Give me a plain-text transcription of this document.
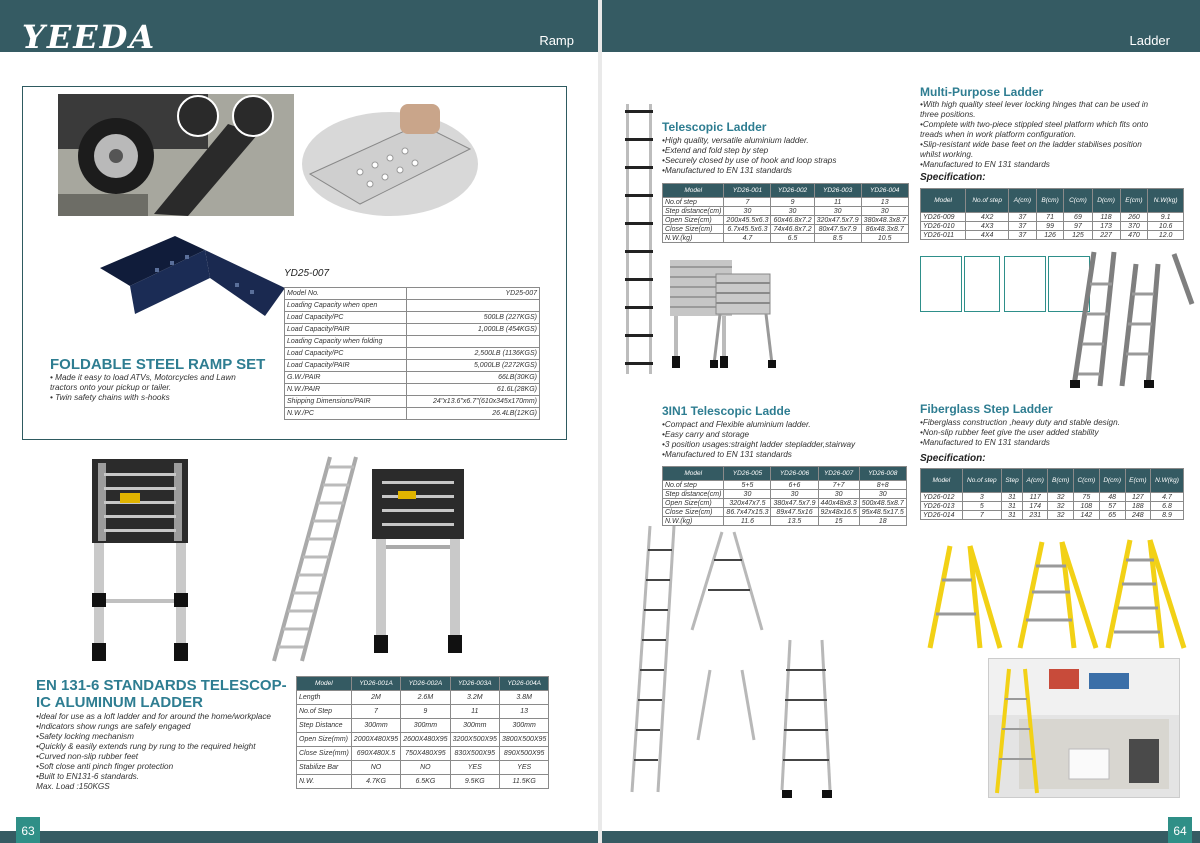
YEEDA	Ramp
YD25-007
Model No.	YD25-007
Loading Capacity when open	
Load Capacity/PC	500LB (227KGS)
Load Capacity/PAIR	1,000LB (454KGS)
Loading Capacity when folding	
Load Capacity/PC	2,500LB (1136KGS)
Load Capacity/PAIR	5,000LB (2272KGS)
G.W./PAIR	66LB(30KG)
N.W./PAIR	61.6L(28KG)
Shipping Dimensions/PAIR	24"x13.6"x6.7"(610x345x170mm)
N.W./PC	26.4LB(12KG)
FOLDABLE STEEL RAMP SET
• Made it easy to load ATVs, Motorcycles and Lawn
tractors onto your pickup or tailer.
• Twin safety chains with s-hooks
EN 131-6 STANDARDS TELESCOP-
IC ALUMINUM LADDER
•Ideal for use as a loft ladder and for around the home/workplace
•Indicators show rungs are safely engaged
•Safety locking mechanism
•Quickly & easily extends rung by rung to the required height
•Curved non-slip rubber feet
•Soft close anti pinch finger protection
•Built to EN131-6 standards.
Max. Load :150KGS
Model	YD26-001A	YD26-002A	YD26-003A	YD26-004A
Length	2M	2.6M	3.2M	3.8M
No.of Step	7	9	11	13
Step Distance	300mm	300mm	300mm	300mm
Open Size(mm)	2000X480X95	2600X480X95	3200X500X95	3800X500X95
Close Size(mm)	690X480X.5	750X480X95	830X500X95	890X500X95
Stabilize Bar	NO	NO	YES	YES
N.W.	4.7KG	6.5KG	9.5KG	11.5KG
63
Ladder
Telescopic Ladder
•High quality, versatile aluminium ladder.
•Extend and fold step by step
•Securely closed by use of hook and loop straps
•Manufactured to EN 131 standards
Model	YD26-001	YD26-002	YD26-003	YD26-004
No.of step	7	9	11	13
Step distance(cm)	30	30	30	30
Open Size(cm)	200x45.5x6.3	60x46.8x7.2	320x47.5x7.9	380x48.3x8.7
Close Size(cm)	6.7x45.5x6.3	74x46.8x7.2	80x47.5x7.9	86x48.3x8.7
N.W.(kg)	4.7	6.5	8.5	10.5
3IN1 Telescopic Ladde
•Compact and Flexible aluminium ladder.
•Easy carry and storage
•3 position usages:straight ladder stepladder,stairway
•Manufactured to EN 131 standards
Model	YD26-005	YD26-006	YD26-007	YD26-008
No.of step	5+5	6+6	7+7	8+8
Step distance(cm)	30	30	30	30
Open Size(cm)	320x47x7.5	380x47.5x7.9	440x48x8.3	500x48.5x8.7
Close Size(cm)	86.7x47x15.3	89x47.5x16	92x48x16.5	95x48.5x17.5
N.W.(kg)	11.6	13.5	15	18
Multi-Purpose Ladder
•With high quality steel lever locking hinges that can be used in
three positions.
•Complete with two-piece stippled steel platform which fits onto
treads when in work platform configuration.
•Slip-resistant wide base feet on the ladder stabilises position
whilst working.
•Manufactured to EN 131 standards
Specification:
Model	No.of step	A(cm)	B(cm)	C(cm)	D(cm)	E(cm)	N.W(kg)
YD26-009	4X2	37	71	69	118	260	9.1
YD26-010	4X3	37	99	97	173	370	10.6
YD26-011	4X4	37	126	125	227	470	12.0
Fiberglass Step Ladder
•Fiberglass construction ,heavy duty and stable design.
•Non-slip rubber feet give the user added stability
•Manufactured to EN 131 standards
Specification:
Model	No.of step	Step	A(cm)	B(cm)	C(cm)	D(cm)	E(cm)	N.W(kg)
YD26-012	3	31	117	32	75	48	127	4.7
YD26-013	5	31	174	32	108	57	188	6.8
YD26-014	7	31	231	32	142	65	248	8.9
64
